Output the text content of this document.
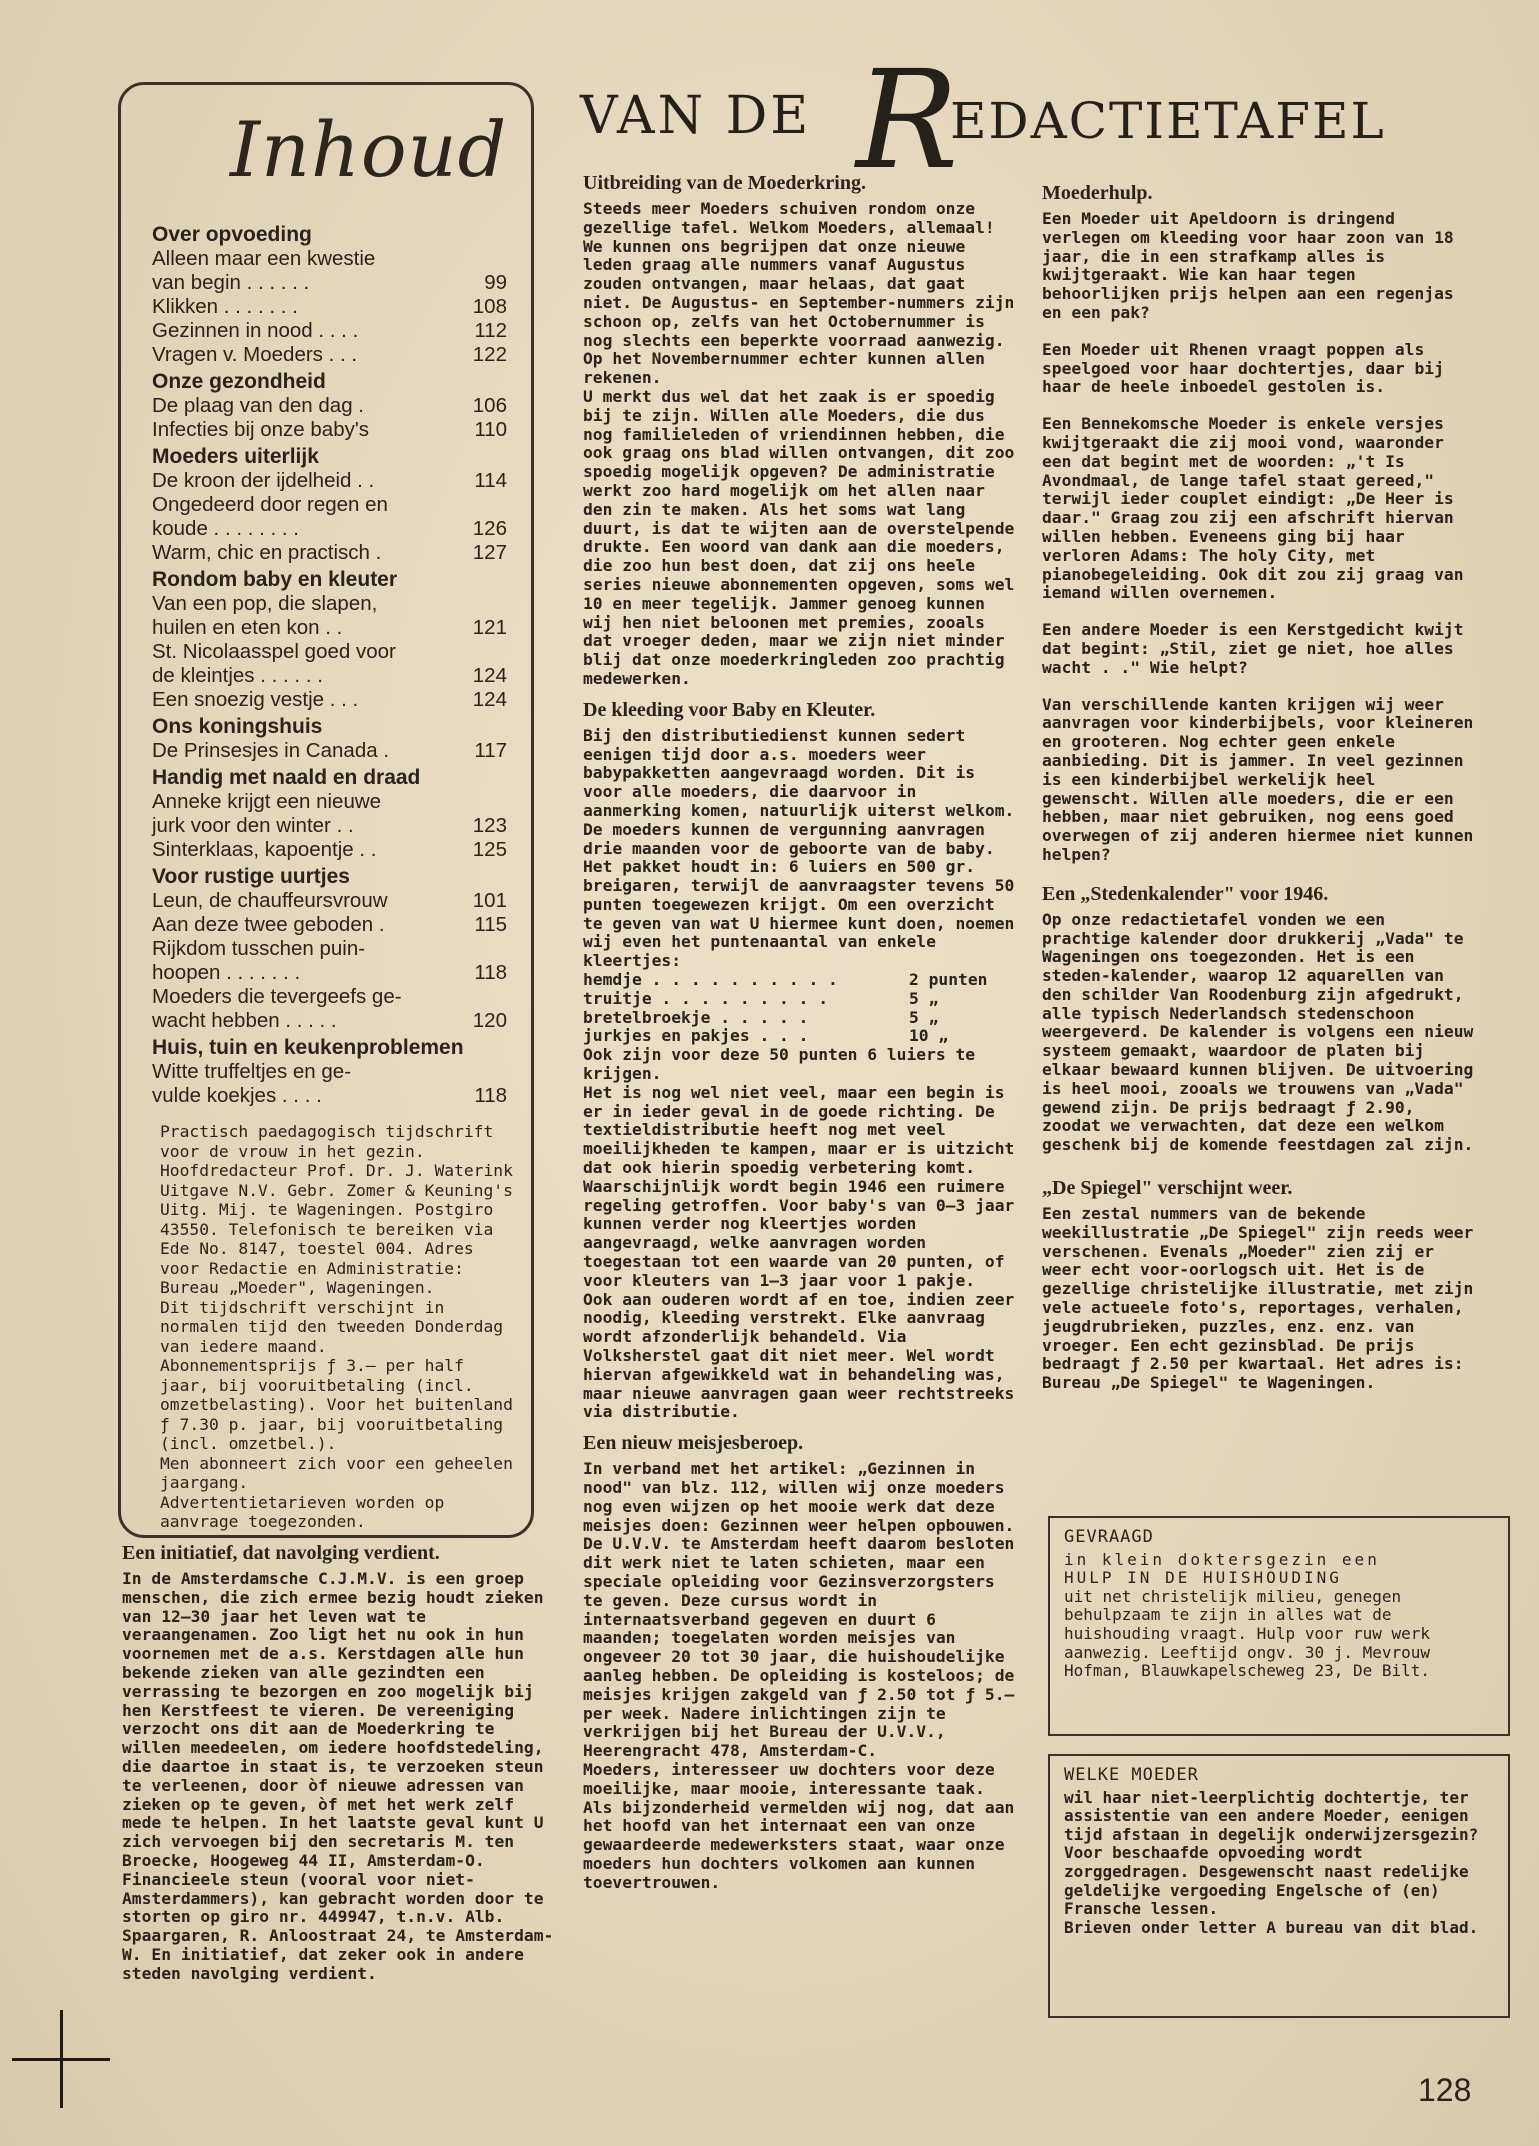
Inhoud
Over opvoeding
Alleen maar een kwestie
van begin . . . . . .	99
Klikken . . . . . . .	108
Gezinnen in nood . . . .	112
Vragen v. Moeders . . .	122
Onze gezondheid
De plaag van den dag .	106
Infecties bij onze baby's	110
Moeders uiterlijk
De kroon der ijdelheid . .	114
Ongedeerd door regen en
koude . . . . . . . .	126
Warm, chic en practisch .	127
Rondom baby en kleuter
Van een pop, die slapen,
huilen en eten kon . .	121
St. Nicolaasspel goed voor
de kleintjes . . . . . .	124
Een snoezig vestje . . .	124
Ons koningshuis
De Prinsesjes in Canada .	117
Handig met naald en draad
Anneke krijgt een nieuwe
jurk voor den winter . .	123
Sinterklaas, kapoentje . .	125
Voor rustige uurtjes
Leun, de chauffeursvrouw	101
Aan deze twee geboden .	115
Rijkdom tusschen puin-
hoopen . . . . . . .	118
Moeders die tevergeefs ge-
wacht hebben . . . . .	120
Huis, tuin en keukenproblemen
Witte truffeltjes en ge-
vulde koekjes . . . .	118
Practisch paedagogisch tijdschrift voor de vrouw in het gezin. Hoofdredacteur Prof. Dr. J. Waterink Uitgave N.V. Gebr. Zomer & Keuning's Uitg. Mij. te Wageningen. Postgiro 43550. Telefonisch te bereiken via Ede No. 8147, toestel 004. Adres voor Redactie en Administratie: Bureau „Moeder", Wageningen.
Dit tijdschrift verschijnt in normalen tijd den tweeden Donderdag van iedere maand.
Abonnementsprijs ƒ 3.— per half jaar, bij vooruitbetaling (incl. omzetbelasting). Voor het buitenland ƒ 7.30 p. jaar, bij vooruitbetaling (incl. omzetbel.).
Men abonneert zich voor een geheelen jaargang.
Advertentietarieven worden op aanvrage toegezonden.
VAN DE R
EDACTIETAFEL
Een initiatief, dat navolging verdient.

In de Amsterdamsche C.J.M.V. is een groep menschen, die zich ermee bezig houdt zieken van 12—30 jaar het leven wat te veraangenamen. Zoo ligt het nu ook in hun voornemen met de a.s. Kerstdagen alle hun bekende zieken van alle gezindten een verrassing te bezorgen en zoo mogelijk bij hen Kerstfeest te vieren. De vereeniging verzocht ons dit aan de Moederkring te willen meedeelen, om iedere hoofdstedeling, die daartoe in staat is, te verzoeken steun te verleenen, door òf nieuwe adressen van zieken op te geven, òf met het werk zelf mede te helpen. In het laatste geval kunt U zich vervoegen bij den secretaris M. ten Broecke, Hoogeweg 44 II, Amsterdam-O. Financieele steun (vooral voor niet-Amsterdammers), kan gebracht worden door te storten op giro nr. 449947, t.n.v. Alb. Spaargaren, R. Anloostraat 24, te Amsterdam-W. En initiatief, dat zeker ook in andere steden navolging verdient.

Uitbreiding van de Moederkring.

Steeds meer Moeders schuiven rondom onze gezellige tafel. Welkom Moeders, allemaal! We kunnen ons begrijpen dat onze nieuwe leden graag alle nummers vanaf Augustus zouden ontvangen, maar helaas, dat gaat niet. De Augustus- en September-nummers zijn schoon op, zelfs van het Octobernummer is nog slechts een beperkte voorraad aanwezig. Op het Novembernummer echter kunnen allen rekenen.
U merkt dus wel dat het zaak is er spoedig bij te zijn. Willen alle Moeders, die dus nog familieleden of vriendinnen hebben, die ook graag ons blad willen ontvangen, dit zoo spoedig mogelijk opgeven? De administratie werkt zoo hard mogelijk om het allen naar den zin te maken. Als het soms wat lang duurt, is dat te wijten aan de overstelpende drukte. Een woord van dank aan die moeders, die zoo hun best doen, dat zij ons heele series nieuwe abonnementen opgeven, soms wel 10 en meer tegelijk. Jammer genoeg kunnen wij hen niet beloonen met premies, zooals dat vroeger deden, maar we zijn niet minder blij dat onze moederkringleden zoo prachtig medewerken.

De kleeding voor Baby en Kleuter.

Bij den distributiedienst kunnen sedert eenigen tijd door a.s. moeders weer babypakketten aangevraagd worden. Dit is voor alle moeders, die daarvoor in aanmerking komen, natuurlijk uiterst welkom. De moeders kunnen de vergunning aanvragen drie maanden voor de geboorte van de baby. Het pakket houdt in: 6 luiers en 500 gr. breigaren, terwijl de aanvraagster tevens 50 punten toegewezen krijgt. Om een overzicht te geven van wat U hiermee kunt doen, noemen wij even het puntenaantal van enkele kleertjes:

hemdje . . . . . . . . . .	2 punten
truitje . . . . . . . . .	5 „
bretelbroekje . . . . .	5 „
jurkjes en pakjes . . .	10 „

Ook zijn voor deze 50 punten 6 luiers te krijgen.
Het is nog wel niet veel, maar een begin is er in ieder geval in de goede richting. De textieldistributie heeft nog met veel moeilijkheden te kampen, maar er is uitzicht dat ook hierin spoedig verbetering komt. Waarschijnlijk wordt begin 1946 een ruimere regeling getroffen. Voor baby's van 0—3 jaar kunnen verder nog kleertjes worden aangevraagd, welke aanvragen worden toegestaan tot een waarde van 20 punten, of voor kleuters van 1—3 jaar voor 1 pakje.
Ook aan ouderen wordt af en toe, indien zeer noodig, kleeding verstrekt. Elke aanvraag wordt afzonderlijk behandeld. Via Volksherstel gaat dit niet meer. Wel wordt hiervan afgewikkeld wat in behandeling was, maar nieuwe aanvragen gaan weer rechtstreeks via distributie.

Een nieuw meisjesberoep.

In verband met het artikel: „Gezinnen in nood" van blz. 112, willen wij onze moeders nog even wijzen op het mooie werk dat deze meisjes doen: Gezinnen weer helpen opbouwen. De U.V.V. te Amsterdam heeft daarom besloten dit werk niet te laten schieten, maar een speciale opleiding voor Gezinsverzorgsters te geven. Deze cursus wordt in internaatsverband gegeven en duurt 6 maanden; toegelaten worden meisjes van ongeveer 20 tot 30 jaar, die huishoudelijke aanleg hebben. De opleiding is kosteloos; de meisjes krijgen zakgeld van ƒ 2.50 tot ƒ 5.— per week. Nadere inlichtingen zijn te verkrijgen bij het Bureau der U.V.V., Heerengracht 478, Amsterdam-C.
Moeders, interesseer uw dochters voor deze moeilijke, maar mooie, interessante taak.
Als bijzonderheid vermelden wij nog, dat aan het hoofd van het internaat een van onze gewaardeerde medewerksters staat, waar onze moeders hun dochters volkomen aan kunnen toevertrouwen.

Moederhulp.

Een Moeder uit Apeldoorn is dringend verlegen om kleeding voor haar zoon van 18 jaar, die in een strafkamp alles is kwijtgeraakt. Wie kan haar tegen behoorlijken prijs helpen aan een regenjas en een pak?

Een Moeder uit Rhenen vraagt poppen als speelgoed voor haar dochtertjes, daar bij haar de heele inboedel gestolen is.

Een Bennekomsche Moeder is enkele versjes kwijtgeraakt die zij mooi vond, waaronder een dat begint met de woorden: „'t Is Avondmaal, de lange tafel staat gereed," terwijl ieder couplet eindigt: „De Heer is daar." Graag zou zij een afschrift hiervan willen hebben. Eveneens ging bij haar verloren Adams: The holy City, met pianobegeleiding. Ook dit zou zij graag van iemand willen overnemen.

Een andere Moeder is een Kerstgedicht kwijt dat begint: „Stil, ziet ge niet, hoe alles wacht . ." Wie helpt?

Van verschillende kanten krijgen wij weer aanvragen voor kinderbijbels, voor kleineren en grooteren. Nog echter geen enkele aanbieding. Dit is jammer. In veel gezinnen is een kinderbijbel werkelijk heel gewenscht. Willen alle moeders, die er een hebben, maar niet gebruiken, nog eens goed overwegen of zij anderen hiermee niet kunnen helpen?

Een „Stedenkalender" voor 1946.

Op onze redactietafel vonden we een prachtige kalender door drukkerij „Vada" te Wageningen ons toegezonden. Het is een steden-kalender, waarop 12 aquarellen van den schilder Van Roodenburg zijn afgedrukt, alle typisch Nederlandsch stedenschoon weergeverd. De kalender is volgens een nieuw systeem gemaakt, waardoor de platen bij elkaar bewaard kunnen blijven. De uitvoering is heel mooi, zooals we trouwens van „Vada" gewend zijn. De prijs bedraagt ƒ 2.90, zoodat we verwachten, dat deze een welkom geschenk bij de komende feestdagen zal zijn.

„De Spiegel" verschijnt weer.

Een zestal nummers van de bekende weekillustratie „De Spiegel" zijn reeds weer verschenen. Evenals „Moeder" zien zij er weer echt voor-oorlogsch uit. Het is de gezellige christelijke illustratie, met zijn vele actueele foto's, reportages, verhalen, jeugdrubrieken, puzzles, enz. enz. van vroeger. Een echt gezinsblad. De prijs bedraagt ƒ 2.50 per kwartaal. Het adres is: Bureau „De Spiegel" te Wageningen.

GEVRAAGD
in klein doktersgezin een
HULP IN DE HUISHOUDING
uit net christelijk milieu, genegen behulpzaam te zijn in alles wat de huishouding vraagt. Hulp voor ruw werk aanwezig. Leeftijd ongv. 30 j. Mevrouw Hofman, Blauwkapelscheweg 23, De Bilt.
WELKE MOEDER
wil haar niet-leerplichtig dochtertje, ter assistentie van een andere Moeder, eenigen tijd afstaan in degelijk onderwijzersgezin? Voor beschaafde opvoeding wordt zorggedragen. Desgewenscht naast redelijke geldelijke vergoeding Engelsche of (en) Fransche lessen.
Brieven onder letter A bureau van dit blad.
128
